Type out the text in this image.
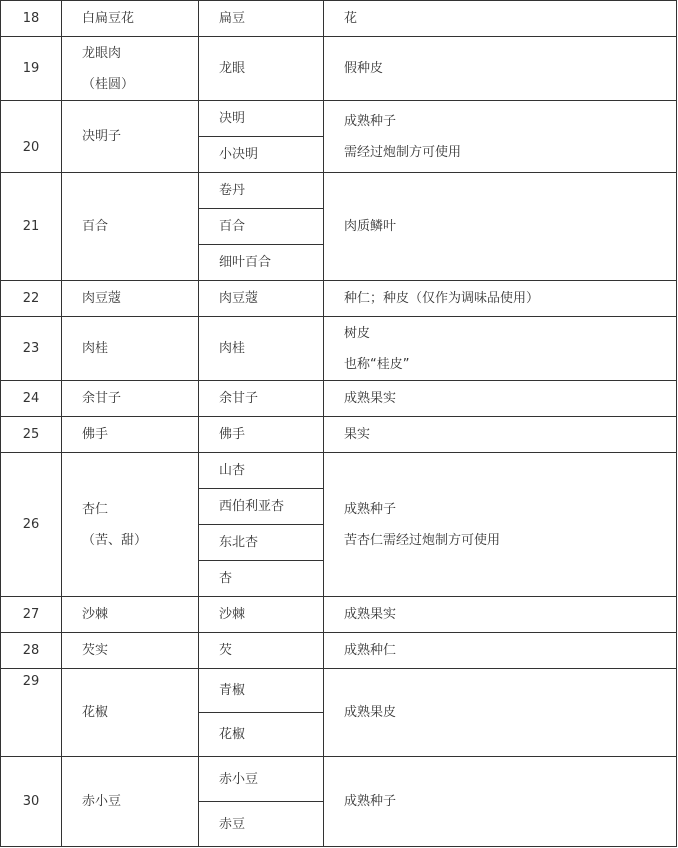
18	白扁豆花	扁豆	花

19	龙眼肉
（桂圆）	龙眼	假种皮

20	决明子	决明	成熟种子
需经过炮制方可使用

		小决明	

21	百合	卷丹	肉质鳞叶

		百合	

		细叶百合	

22	肉豆蔻	肉豆蔻	种仁；种皮（仅作为调味品使用）

23	肉桂	肉桂	树皮
也称“桂皮”

24	余甘子	余甘子	成熟果实

25	佛手	佛手	果实

26	杏仁
（苦、甜）	山杏	成熟种子
苦杏仁需经过炮制方可使用

		西伯利亚杏	

		东北杏	

		杏	

27	沙棘	沙棘	成熟果实

28	芡实	芡	成熟种仁

29	花椒	青椒	成熟果皮

		花椒	

30	赤小豆	赤小豆	成熟种子

		赤豆	
